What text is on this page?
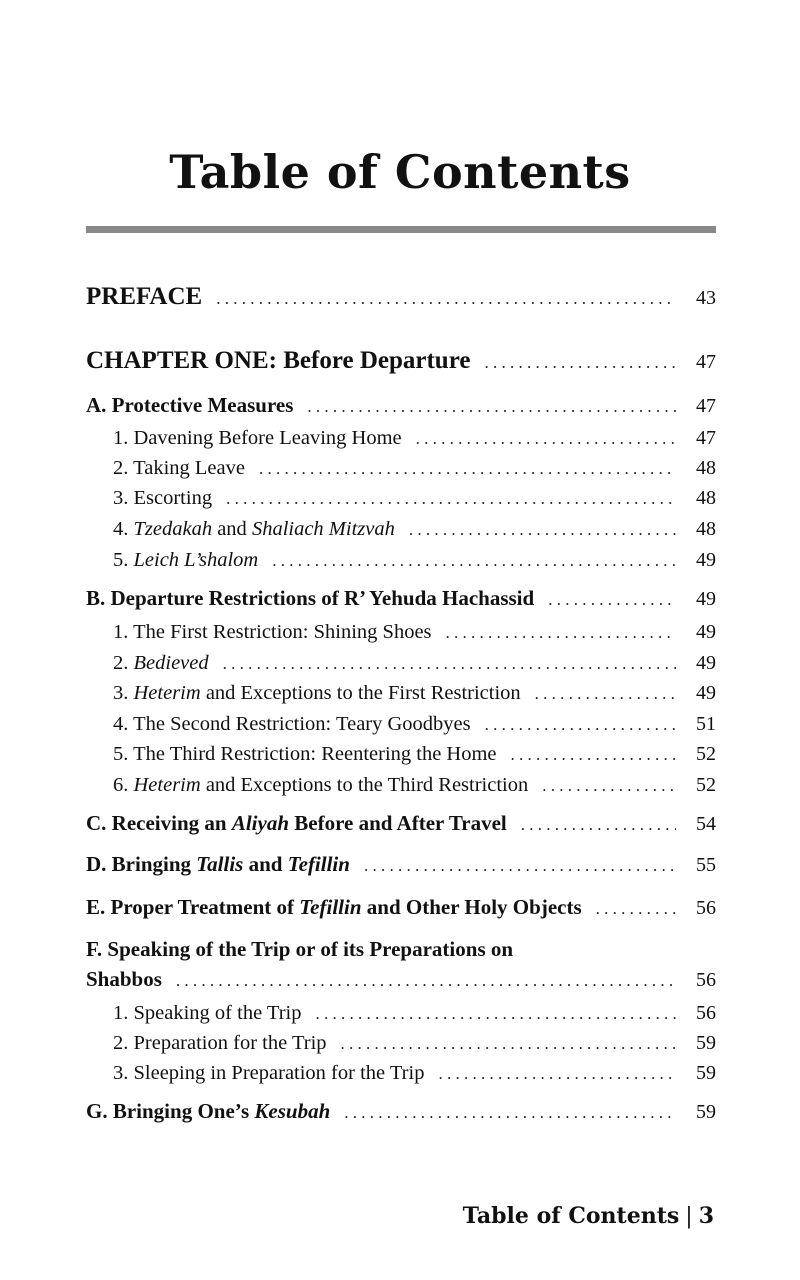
Table of Contents
PREFACE . . .	43
CHAPTER ONE: Before Departure . . .	47
A. Protective Measures . . .	47
1. Davening Before Leaving Home . . .	47
2. Taking Leave . . .	48
3. Escorting . . .	48
4. Tzedakah and Shaliach Mitzvah . . .	48
5. Leich L’shalom . . .	49
B. Departure Restrictions of R’ Yehuda Hachassid . . .	49
1. The First Restriction: Shining Shoes . . .	49
2. Bedieved . . .	49
3. Heterim and Exceptions to the First Restriction . . .	49
4. The Second Restriction: Teary Goodbyes . . .	51
5. The Third Restriction: Reentering the Home . . .	52
6. Heterim and Exceptions to the Third Restriction . . .	52
C. Receiving an Aliyah Before and After Travel . . .	54
D. Bringing Tallis and Tefillin . . .	55
E. Proper Treatment of Tefillin and Other Holy Objects . . .	56
F. Speaking of the Trip or of its Preparations on
Shabbos . . .	56
1. Speaking of the Trip . . .	56
2. Preparation for the Trip . . .	59
3. Sleeping in Preparation for the Trip . . .	59
G. Bringing One’s Kesubah . . .	59
Table of Contents | 3
